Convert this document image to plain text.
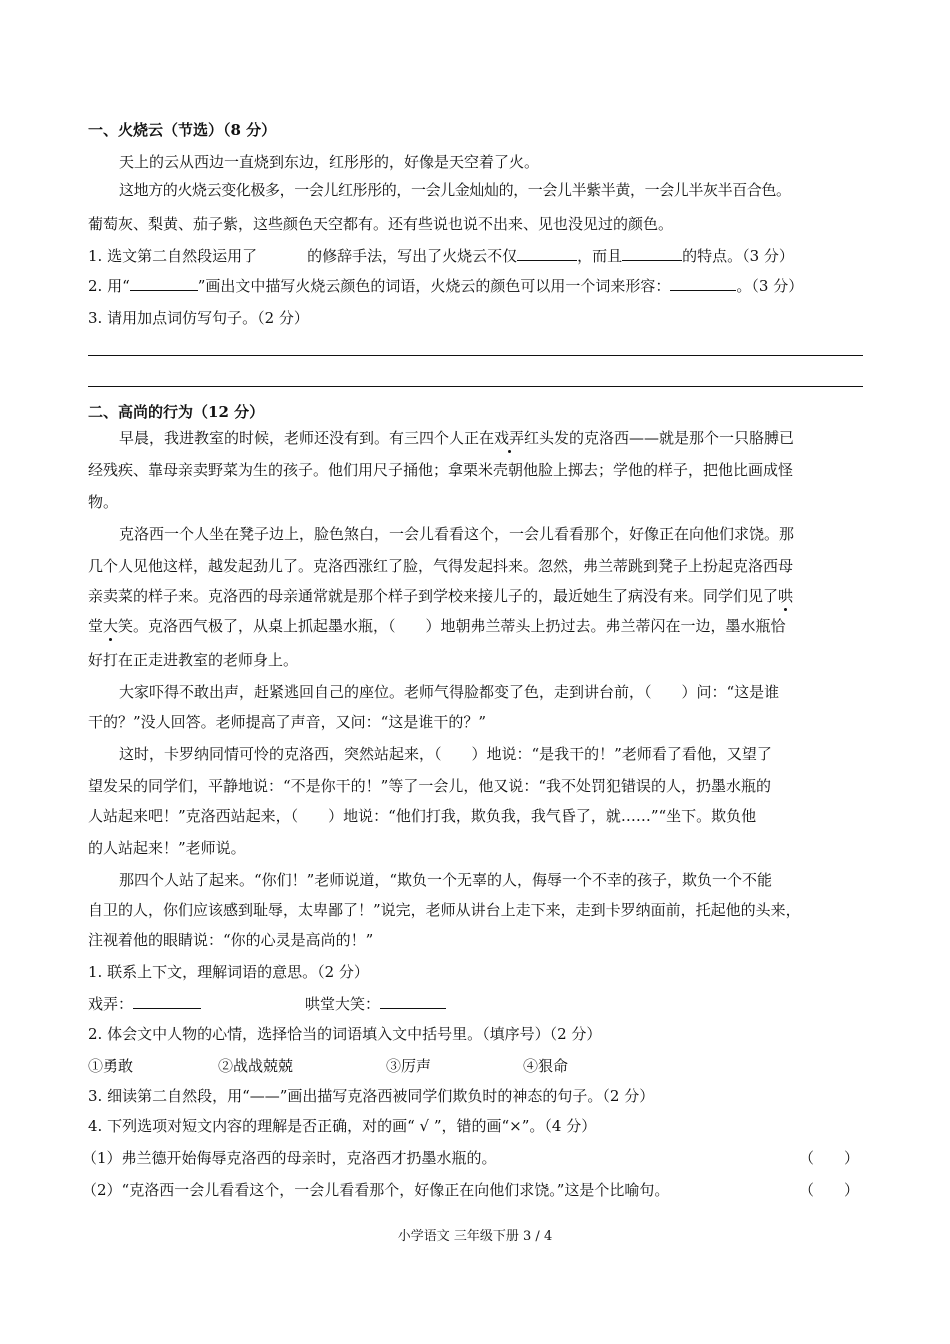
一、火烧云（节选）（8 分）
天上的云从西边一直烧到东边，红彤彤的，好像是天空着了火。
这地方的火烧云变化极多，一会儿红彤彤的，一会儿金灿灿的，一会儿半紫半黄，一会儿半灰半百合色。
葡萄灰、梨黄、茄子紫，这些颜色天空都有。还有些说也说不出来、见也没见过的颜色。
1. 选文第二自然段运用了	的修辞手法，写出了火烧云不仅	，而且	的特点。（3 分）
2. 用“	”画出文中描写火烧云颜色的词语，火烧云的颜色可以用一个词来形容：	。（3 分）
3. 请用加点词仿写句子。（2 分）
二、高尚的行为（12 分）
早晨，我进教室的时候，老师还没有到。有三四个人正在戏弄红头发的克洛西——就是那个一只胳膊已
经残疾、靠母亲卖野菜为生的孩子。他们用尺子捅他；拿栗米壳朝他脸上掷去；学他的样子，把他比画成怪
物。
克洛西一个人坐在凳子边上，脸色煞白，一会儿看看这个，一会儿看看那个，好像正在向他们求饶。那
几个人见他这样，越发起劲儿了。克洛西涨红了脸，气得发起抖来。忽然，弗兰蒂跳到凳子上扮起克洛西母
亲卖菜的样子来。克洛西的母亲通常就是那个样子到学校来接儿子的，最近她生了病没有来。同学们见了哄
堂大笑。克洛西气极了，从桌上抓起墨水瓶，（　　）地朝弗兰蒂头上扔过去。弗兰蒂闪在一边，墨水瓶恰
好打在正走进教室的老师身上。
大家吓得不敢出声，赶紧逃回自己的座位。老师气得脸都变了色，走到讲台前，（　　）问：“这是谁
干的？”没人回答。老师提高了声音，又问：“这是谁干的？”
这时，卡罗纳同情可怜的克洛西，突然站起来，（　　）地说：“是我干的！”老师看了看他，又望了
望发呆的同学们，平静地说：“不是你干的！”等了一会儿，他又说：“我不处罚犯错误的人，扔墨水瓶的
人站起来吧！”克洛西站起来，（　　）地说：“他们打我，欺负我，我气昏了，就……”“坐下。欺负他
的人站起来！”老师说。
那四个人站了起来。“你们！”老师说道，“欺负一个无辜的人，侮辱一个不幸的孩子，欺负一个不能
自卫的人，你们应该感到耻辱，太卑鄙了！”说完，老师从讲台上走下来，走到卡罗纳面前，托起他的头来，
注视着他的眼睛说：“你的心灵是高尚的！”
1. 联系上下文，理解词语的意思。（2 分）
戏弄：	哄堂大笑：
2. 体会文中人物的心情，选择恰当的词语填入文中括号里。（填序号）（2 分）
①勇敢	②战战兢兢	③厉声	④狠命
3. 细读第二自然段，用“——”画出描写克洛西被同学们欺负时的神态的句子。（2 分）
4. 下列选项对短文内容的理解是否正确，对的画“ √ ”，错的画“×”。（4 分）
（1）弗兰德开始侮辱克洛西的母亲时，克洛西才扔墨水瓶的。	（　　）
（2）“克洛西一会儿看看这个，一会儿看看那个，好像正在向他们求饶。”这是个比喻句。	（　　）
小学语文 三年级下册 3 / 4
